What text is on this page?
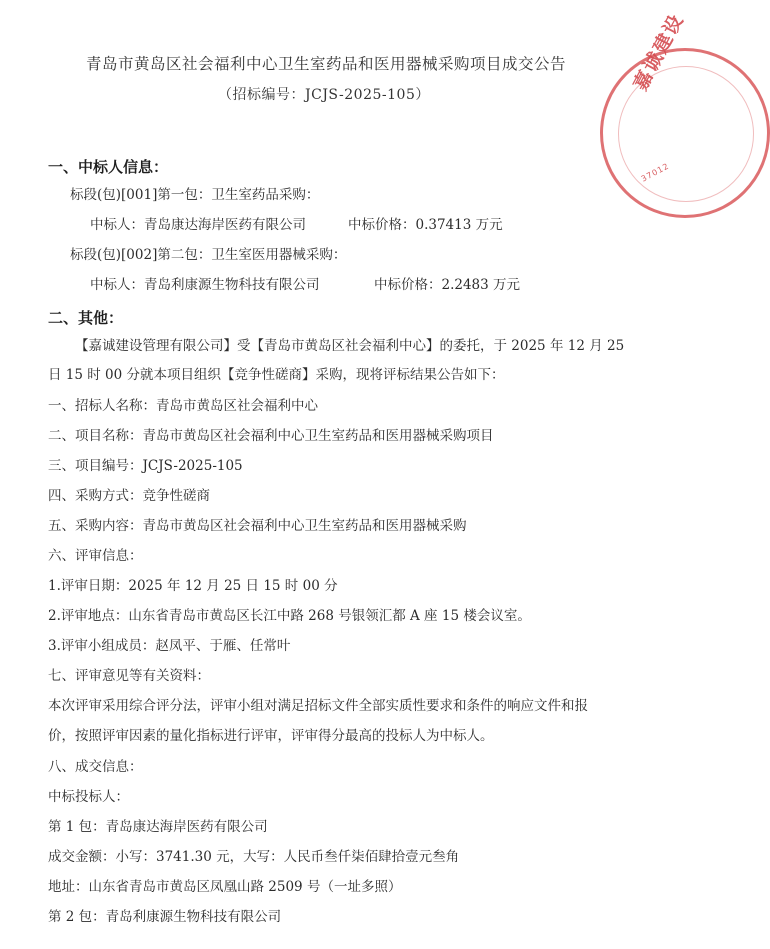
嘉诚建设
37012
青岛市黄岛区社会福利中心卫生室药品和医用器械采购项目成交公告
（招标编号：JCJS-2025-105）
一、中标人信息：
标段(包)[001]第一包：卫生室药品采购：
中标人：青岛康达海岸医药有限公司	中标价格：0.37413 万元
标段(包)[002]第二包：卫生室医用器械采购：
中标人：青岛利康源生物科技有限公司	中标价格：2.2483 万元
二、其他：
【嘉诚建设管理有限公司】受【青岛市黄岛区社会福利中心】的委托，于 2025 年 12 月 25
日 15 时 00 分就本项目组织【竞争性磋商】采购，现将评标结果公告如下：
一、招标人名称：青岛市黄岛区社会福利中心
二、项目名称：青岛市黄岛区社会福利中心卫生室药品和医用器械采购项目
三、项目编号：JCJS-2025-105
四、采购方式：竞争性磋商
五、采购内容：青岛市黄岛区社会福利中心卫生室药品和医用器械采购
六、评审信息：
1.评审日期：2025 年 12 月 25 日 15 时 00 分
2.评审地点：山东省青岛市黄岛区长江中路 268 号银领汇都 A 座 15 楼会议室。
3.评审小组成员：赵凤平、于雁、任常叶
七、评审意见等有关资料：
本次评审采用综合评分法，评审小组对满足招标文件全部实质性要求和条件的响应文件和报
价，按照评审因素的量化指标进行评审，评审得分最高的投标人为中标人。
八、成交信息：
中标投标人：
第 1 包：青岛康达海岸医药有限公司
成交金额：小写：3741.30 元，大写：人民币叁仟柒佰肆拾壹元叁角
地址：山东省青岛市黄岛区凤凰山路 2509 号（一址多照）
第 2 包：青岛利康源生物科技有限公司
